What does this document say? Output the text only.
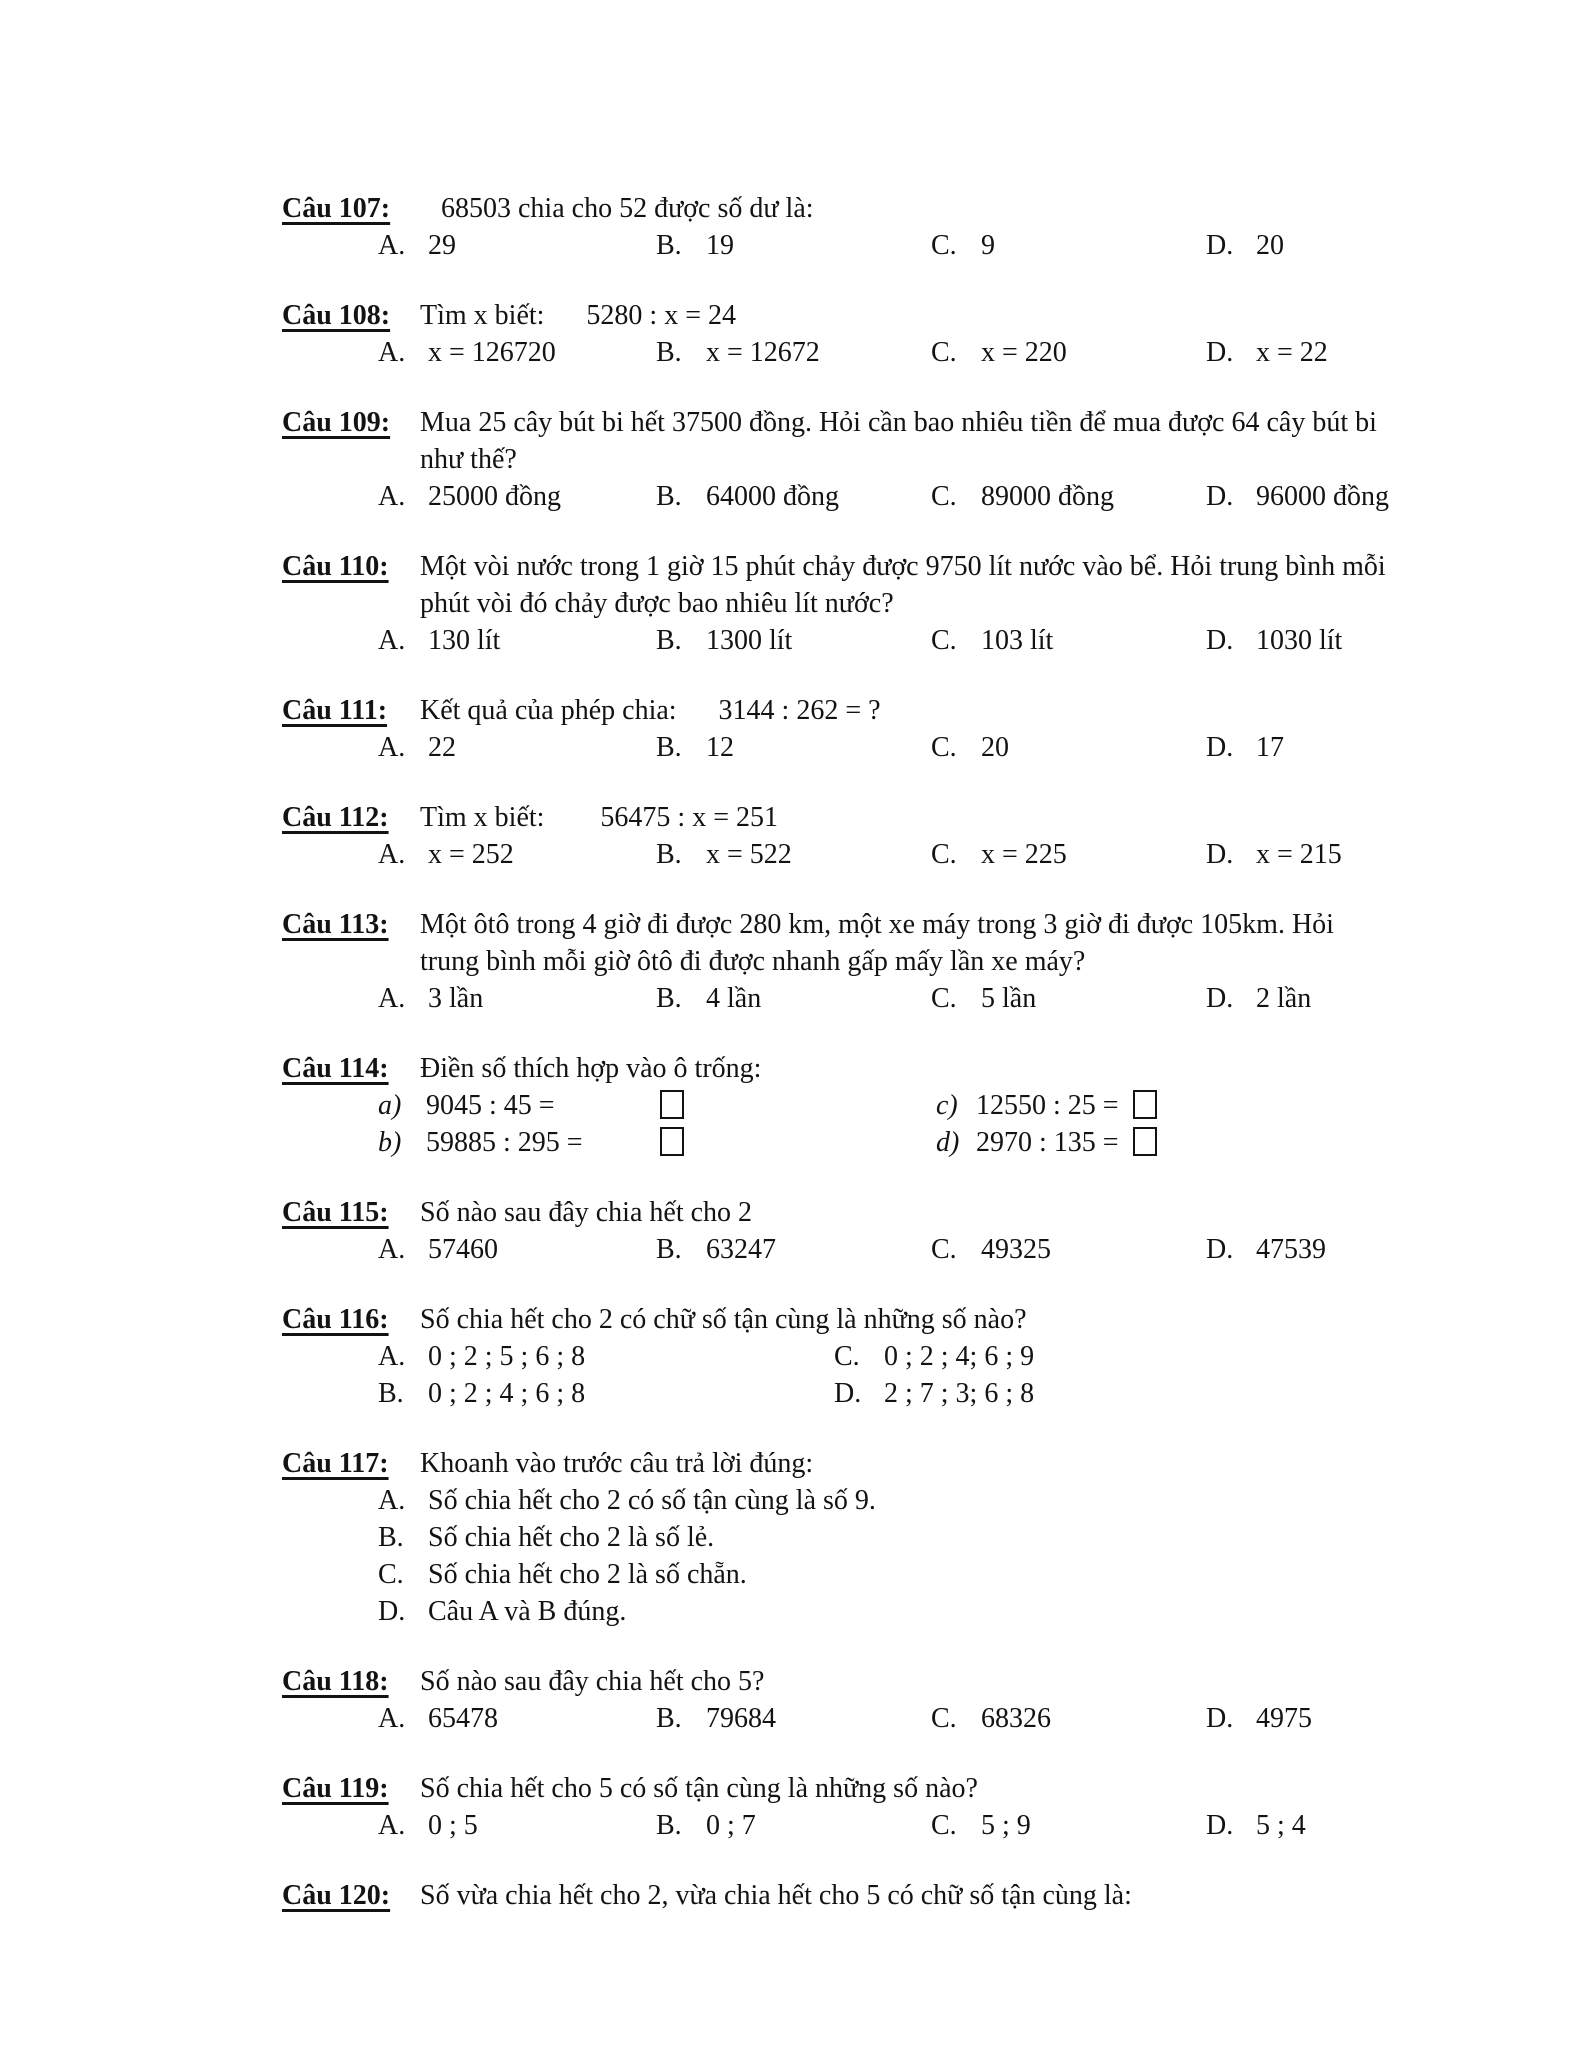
Câu 107: 68503 chia cho 52 được số dư là:
A. 29	B. 19	C. 9	D. 20
Câu 108: Tìm x biết:      5280 : x = 24
A. x = 126720	B. x = 12672	C. x = 220	D. x = 22
Câu 109: Mua 25 cây bút bi hết 37500 đồng. Hỏi cần bao nhiêu tiền để mua được 64 cây bút bi
như thế?
A. 25000 đồng	B. 64000 đồng	C. 89000 đồng	D. 96000 đồng
Câu 110: Một vòi nước trong 1 giờ 15 phút chảy được 9750 lít nước vào bể. Hỏi trung bình mỗi
phút vòi đó chảy được bao nhiêu lít nước?
A. 130 lít	B. 1300 lít	C. 103 lít	D. 1030 lít
Câu 111: Kết quả của phép chia:      3144 : 262 = ?
A. 22	B. 12	C. 20	D. 17
Câu 112: Tìm x biết:        56475 : x = 251
A. x = 252	B. x = 522	C. x = 225	D. x = 215
Câu 113: Một ôtô trong 4 giờ đi được 280 km, một xe máy trong 3 giờ đi được 105km. Hỏi
trung bình mỗi giờ ôtô đi được nhanh gấp mấy lần xe máy?
A. 3 lần	B. 4 lần	C. 5 lần	D. 2 lần
Câu 114: Điền số thích hợp vào ô trống:
a) 9045 : 45 =	c) 12550 : 25 =
b) 59885 : 295 =	d) 2970 : 135 =
Câu 115: Số nào sau đây chia hết cho 2
A. 57460	B. 63247	C. 49325	D. 47539
Câu 116: Số chia hết cho 2 có chữ số tận cùng là những số nào?
A. 0 ; 2 ; 5 ; 6 ; 8	C. 0 ; 2 ; 4; 6 ; 9
B. 0 ; 2 ; 4 ; 6 ; 8	D. 2 ; 7 ; 3; 6 ; 8
Câu 117: Khoanh vào trước câu trả lời đúng:
A. Số chia hết cho 2 có số tận cùng là số 9.
B. Số chia hết cho 2 là số lẻ.
C. Số chia hết cho 2 là số chẵn.
D. Câu A và B đúng.
Câu 118: Số nào sau đây chia hết cho 5?
A. 65478	B. 79684	C. 68326	D. 4975
Câu 119: Số chia hết cho 5 có số tận cùng là những số nào?
A. 0 ; 5	B. 0 ; 7	C. 5 ; 9	D. 5 ; 4
Câu 120: Số vừa chia hết cho 2, vừa chia hết cho 5 có chữ số tận cùng là:
